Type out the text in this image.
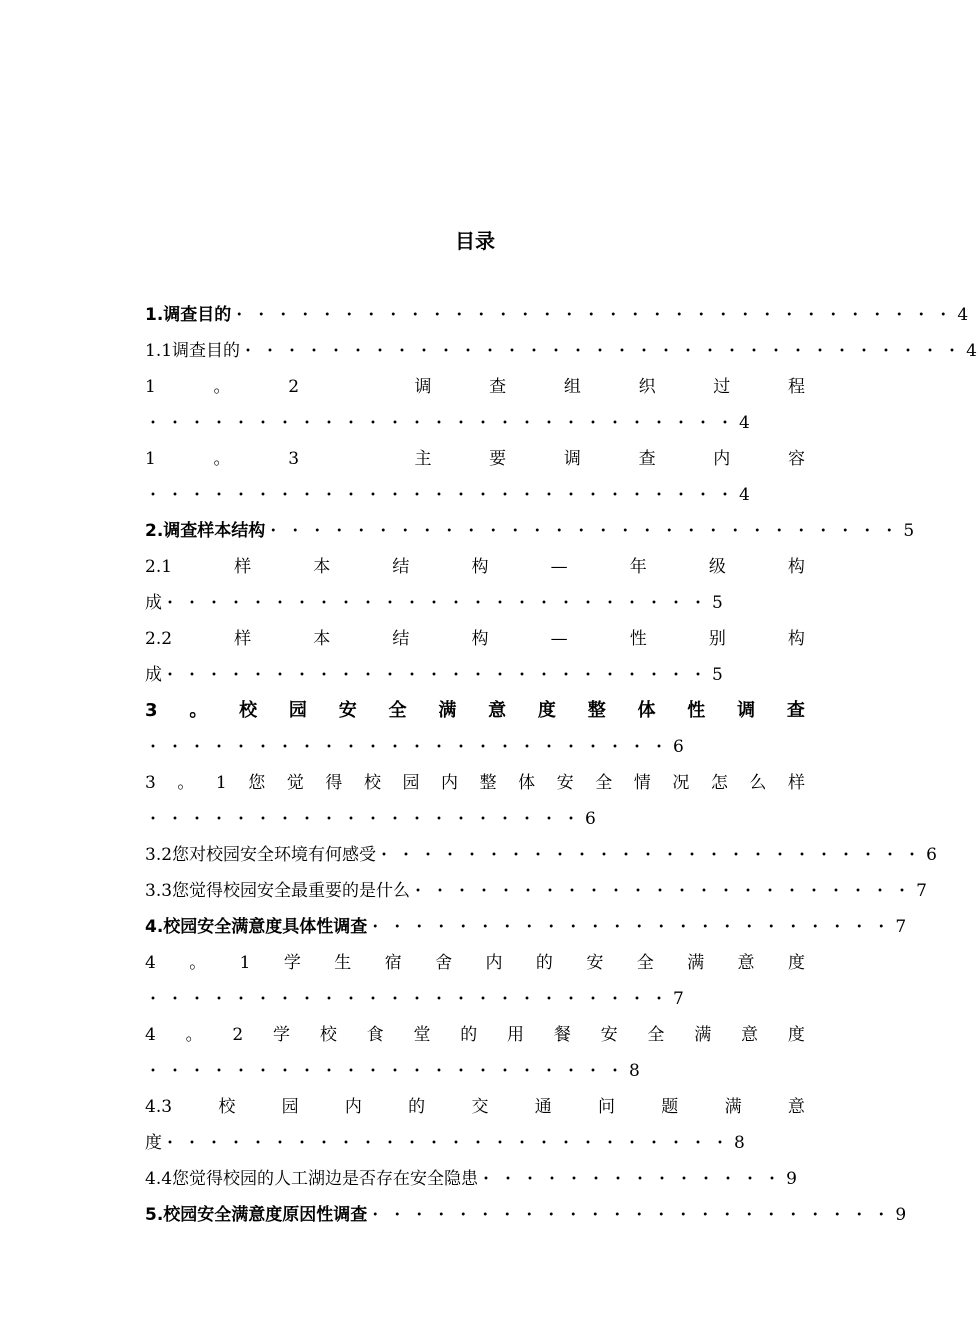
目录
1.调查目的・・・・・・・・・・・・・・・・・・・・・・・・・・・・・・・・・4
1.1调查目的・・・・・・・・・・・・・・・・・・・・・・・・・・・・・・・・・4
1	。	2	调	查	组	织	过	程
・・・・・・・・・・・・・・・・・・・・・・・・・・・4
1	。	3	主	要	调	查	内	容
・・・・・・・・・・・・・・・・・・・・・・・・・・・4
2.调查样本结构・・・・・・・・・・・・・・・・・・・・・・・・・・・・・5
2.1	样	本	结	构	—	年	级	构
成・・・・・・・・・・・・・・・・・・・・・・・・・5
2.2	样	本	结	构	—	性	别	构
成・・・・・・・・・・・・・・・・・・・・・・・・・5
3 。 校 园 安 全 满 意 度 整 体 性 调 查
・・・・・・・・・・・・・・・・・・・・・・・・6
3 。 1 您 觉 得 校 园 内 整 体 安 全 情 况 怎 么 样
・・・・・・・・・・・・・・・・・・・・6
3.2您对校园安全环境有何感受・・・・・・・・・・・・・・・・・・・・・・・・・6
3.3您觉得校园安全最重要的是什么・・・・・・・・・・・・・・・・・・・・・・・7
4.校园安全满意度具体性调查・・・・・・・・・・・・・・・・・・・・・・・・7
4 。 1 学 生 宿 舍 内 的 安 全 满 意 度
・・・・・・・・・・・・・・・・・・・・・・・・7
4 。 2 学 校 食 堂 的 用 餐 安 全 满 意 度
・・・・・・・・・・・・・・・・・・・・・・8
4.3	校	园	内	的	交	通	问	题	满	意
度・・・・・・・・・・・・・・・・・・・・・・・・・・8
4.4您觉得校园的人工湖边是否存在安全隐患・・・・・・・・・・・・・・9
5.校园安全满意度原因性调查・・・・・・・・・・・・・・・・・・・・・・・・9
